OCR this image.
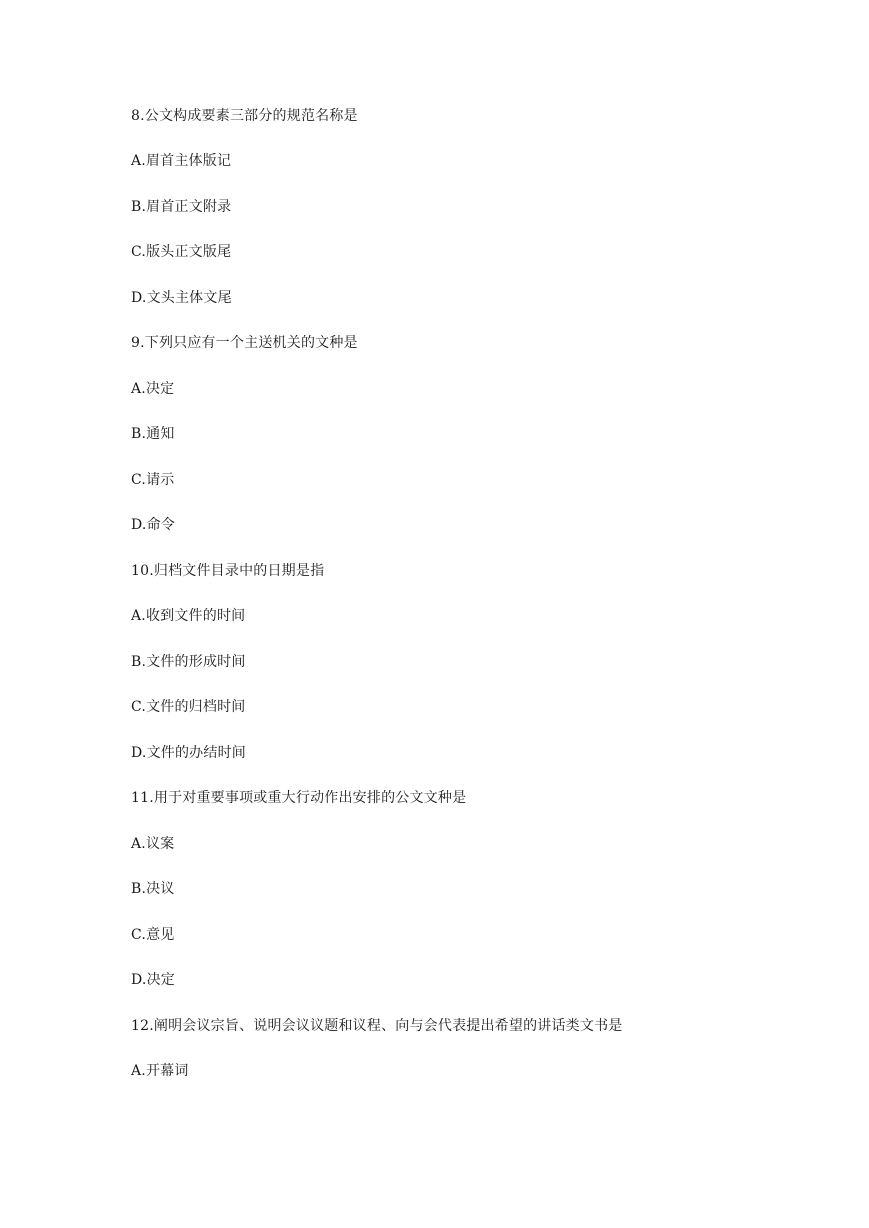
8.公文构成要素三部分的规范名称是
A.眉首主体版记
B.眉首正文附录
C.版头正文版尾
D.文头主体文尾
9.下列只应有一个主送机关的文种是
A.决定
B.通知
C.请示
D.命令
10.归档文件目录中的日期是指
A.收到文件的时间
B.文件的形成时间
C.文件的归档时间
D.文件的办结时间
11.用于对重要事项或重大行动作出安排的公文文种是
A.议案
B.决议
C.意见
D.决定
12.阐明会议宗旨、说明会议议题和议程、向与会代表提出希望的讲话类文书是
A.开幕词
